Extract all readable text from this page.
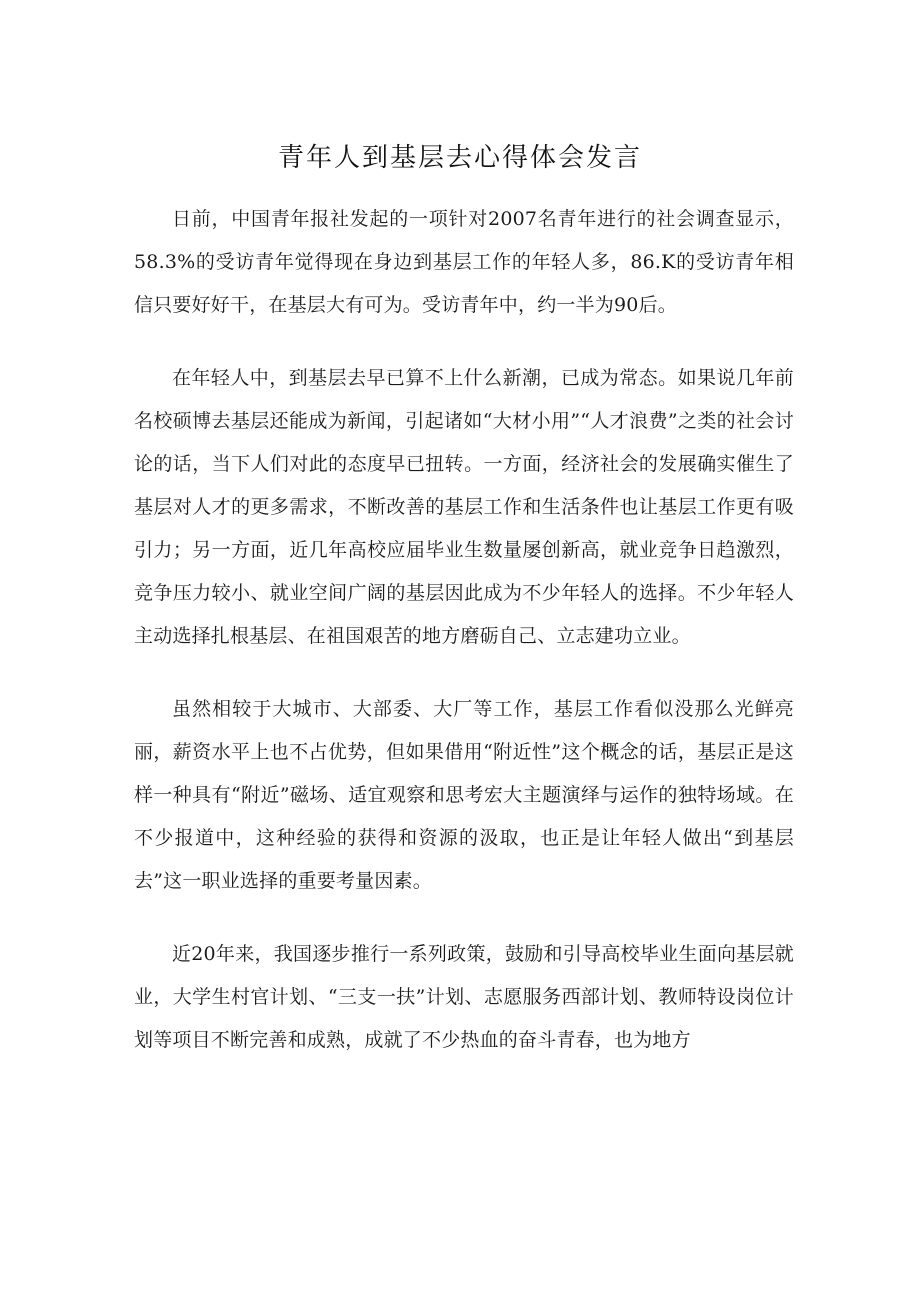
青年人到基层去心得体会发言

日前，中国青年报社发起的一项针对2007名青年进行的社会调查显示，58.3%的受访青年觉得现在身边到基层工作的年轻人多，86.K的受访青年相信只要好好干，在基层大有可为。受访青年中，约一半为90后。

在年轻人中，到基层去早已算不上什么新潮，已成为常态。如果说几年前名校硕博去基层还能成为新闻，引起诸如“大材小用”“人才浪费”之类的社会讨论的话，当下人们对此的态度早已扭转。一方面，经济社会的发展确实催生了基层对人才的更多需求，不断改善的基层工作和生活条件也让基层工作更有吸引力；另一方面，近几年高校应届毕业生数量屡创新高，就业竞争日趋激烈，竞争压力较小、就业空间广阔的基层因此成为不少年轻人的选择。不少年轻人主动选择扎根基层、在祖国艰苦的地方磨砺自己、立志建功立业。

虽然相较于大城市、大部委、大厂等工作，基层工作看似没那么光鲜亮丽，薪资水平上也不占优势，但如果借用“附近性”这个概念的话，基层正是这样一种具有“附近”磁场、适宜观察和思考宏大主题演绎与运作的独特场域。在不少报道中，这种经验的获得和资源的汲取，也正是让年轻人做出“到基层去”这一职业选择的重要考量因素。

近20年来，我国逐步推行一系列政策，鼓励和引导高校毕业生面向基层就业，大学生村官计划、“三支一扶”计划、志愿服务西部计划、教师特设岗位计划等项目不断完善和成熟，成就了不少热血的奋斗青春，也为地方
